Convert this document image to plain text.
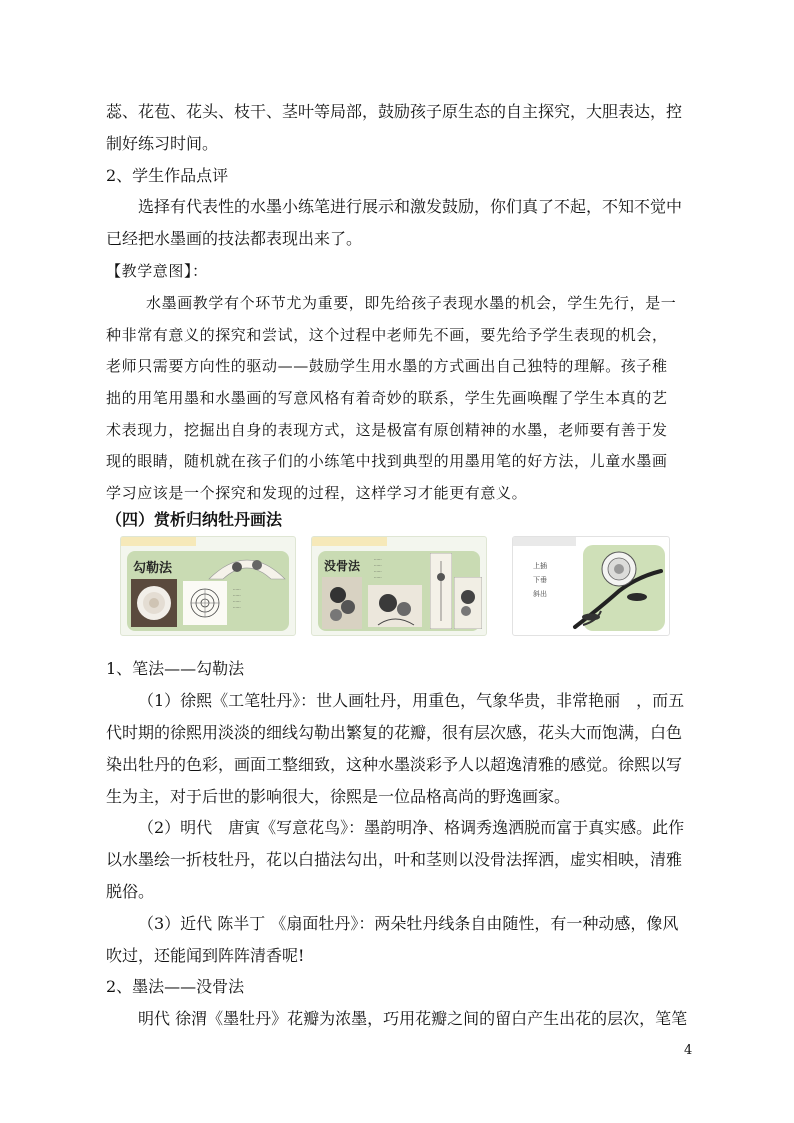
蕊、花苞、花头、枝干、茎叶等局部，鼓励孩子原生态的自主探究，大胆表达，控
制好练习时间。
2、学生作品点评
选择有代表性的水墨小练笔进行展示和激发鼓励，你们真了不起，不知不觉中
已经把水墨画的技法都表现出来了。
【教学意图】：
水墨画教学有个环节尤为重要，即先给孩子表现水墨的机会，学生先行，是一
种非常有意义的探究和尝试，这个过程中老师先不画，要先给予学生表现的机会，
老师只需要方向性的驱动——鼓励学生用水墨的方式画出自己独特的理解。孩子稚
拙的用笔用墨和水墨画的写意风格有着奇妙的联系，学生先画唤醒了学生本真的艺
术表现力，挖掘出自身的表现方式，这是极富有原创精神的水墨，老师要有善于发
现的眼睛，随机就在孩子们的小练笔中找到典型的用墨用笔的好方法，儿童水墨画
学习应该是一个探究和发现的过程，这样学习才能更有意义。
（四）赏析归纳牡丹画法
勾勒法
······
······
······
······
没骨法	······
······
······
······
上插
下垂
斜出
1、笔法——勾勒法
（1）徐熙《工笔牡丹》：世人画牡丹，用重色，气象华贵，非常艳丽　，而五
代时期的徐熙用淡淡的细线勾勒出繁复的花瓣，很有层次感，花头大而饱满，白色
染出牡丹的色彩，画面工整细致，这种水墨淡彩予人以超逸清雅的感觉。徐熙以写
生为主，对于后世的影响很大，徐熙是一位品格高尚的野逸画家。
（2）明代　唐寅《写意花鸟》：墨韵明净、格调秀逸洒脱而富于真实感。此作
以水墨绘一折枝牡丹，花以白描法勾出，叶和茎则以没骨法挥洒，虚实相映，清雅
脱俗。
（3）近代 陈半丁 《扇面牡丹》：两朵牡丹线条自由随性，有一种动感，像风
吹过，还能闻到阵阵清香呢!
2、墨法——没骨法
明代 徐渭《墨牡丹》花瓣为浓墨，巧用花瓣之间的留白产生出花的层次，笔笔
4
